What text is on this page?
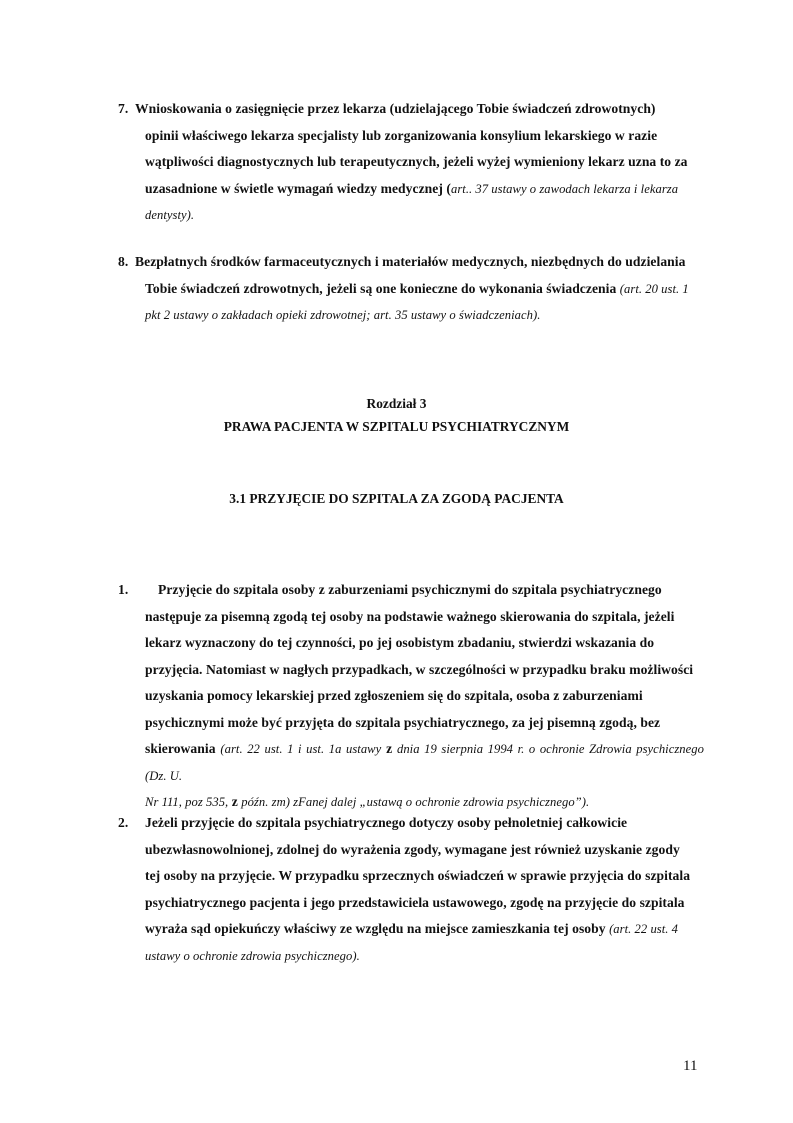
7. Wnioskowania o zasięgnięcie przez lekarza (udzielającego Tobie świadczeń zdrowotnych)
opinii właściwego lekarza specjalisty lub zorganizowania konsylium lekarskiego w razie
wątpliwości diagnostycznych lub terapeutycznych, jeżeli wyżej wymieniony lekarz uzna to za
uzasadnione w świetle wymagań wiedzy medycznej (art.. 37 ustawy o zawodach lekarza i lekarza
dentysty).
8. Bezpłatnych środków farmaceutycznych i materiałów medycznych, niezbędnych do udzielania
Tobie świadczeń zdrowotnych, jeżeli są one konieczne do wykonania świadczenia (art. 20 ust. 1
pkt 2 ustawy o zakładach opieki zdrowotnej; art. 35 ustawy o świadczeniach).
Rozdział 3
PRAWA PACJENTA W SZPITALU PSYCHIATRYCZNYM
3.1 PRZYJĘCIE DO SZPITALA ZA ZGODĄ PACJENTA
1.	Przyjęcie do szpitala osoby z zaburzeniami psychicznymi do szpitala psychiatrycznego
następuje za pisemną zgodą tej osoby na podstawie ważnego skierowania do szpitala, jeżeli
lekarz wyznaczony do tej czynności, po jej osobistym zbadaniu, stwierdzi wskazania do
przyjęcia. Natomiast w nagłych przypadkach, w szczególności w przypadku braku możliwości
uzyskania pomocy lekarskiej przed zgłoszeniem się do szpitala, osoba z zaburzeniami
psychicznymi może być przyjęta do szpitala psychiatrycznego, za jej pisemną zgodą, bez
skierowania (art. 22 ust. 1 i ust. 1a ustawy z dnia 19 sierpnia 1994 r. o ochronie Zdrowia psychicznego (Dz. U.
Nr 111, poz 535, z późn. zm) zFanej dalej „ustawą o ochronie zdrowia psychicznego”).
2.	Jeżeli przyjęcie do szpitala psychiatrycznego dotyczy osoby pełnoletniej całkowicie
ubezwłasnowolnionej, zdolnej do wyrażenia zgody, wymagane jest również uzyskanie zgody
tej osoby na przyjęcie. W przypadku sprzecznych oświadczeń w sprawie przyjęcia do szpitala
psychiatrycznego pacjenta i jego przedstawiciela ustawowego, zgodę na przyjęcie do szpitala
wyraża sąd opiekuńczy właściwy ze względu na miejsce zamieszkania tej osoby (art. 22 ust. 4
ustawy o ochronie zdrowia psychicznego).
11
